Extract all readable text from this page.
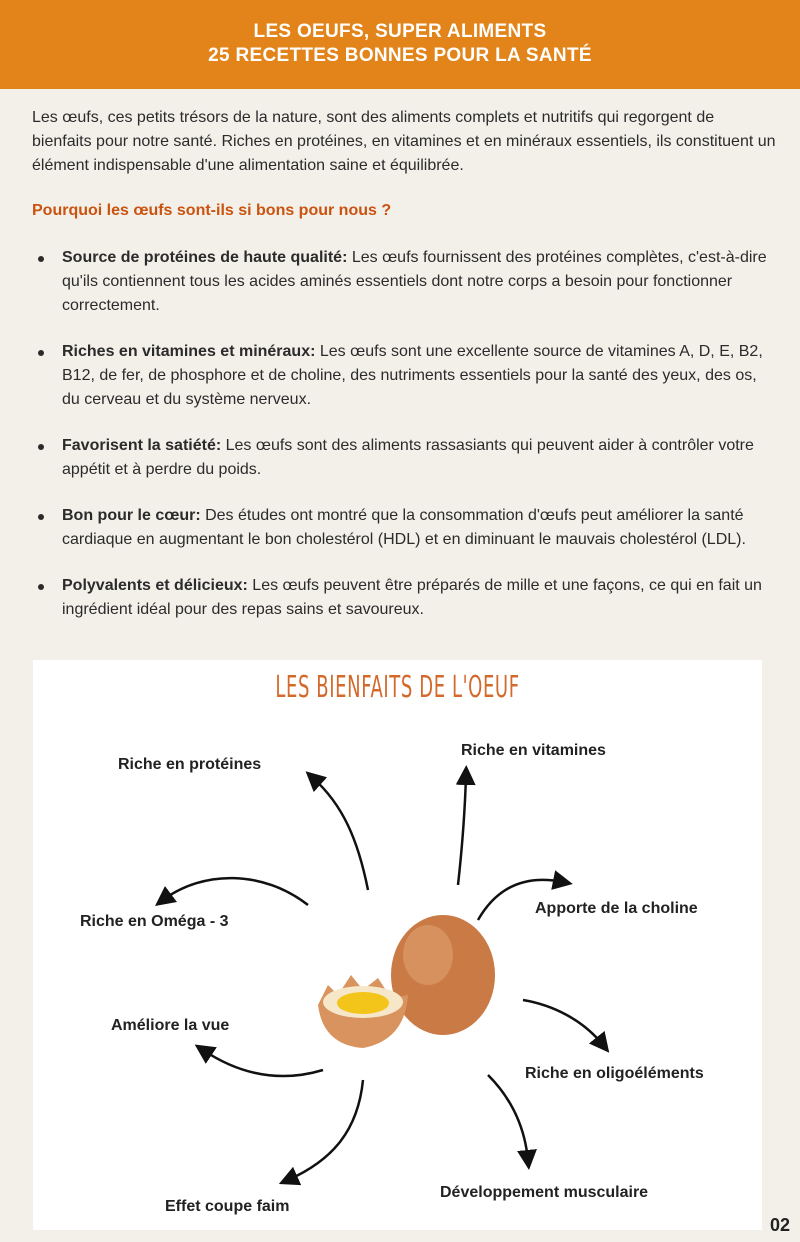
LES OEUFS, SUPER ALIMENTS
25 RECETTES BONNES POUR LA SANTÉ

Les œufs, ces petits trésors de la nature, sont des aliments complets et nutritifs qui regorgent de bienfaits pour notre santé. Riches en protéines, en vitamines et en minéraux essentiels, ils constituent un élément indispensable d'une alimentation saine et équilibrée.

Pourquoi les œufs sont-ils si bons pour nous ?
Source de protéines de haute qualité: Les œufs fournissent des protéines complètes, c'est-à-dire qu'ils contiennent tous les acides aminés essentiels dont notre corps a besoin pour fonctionner correctement.
Riches en vitamines et minéraux: Les œufs sont une excellente source de vitamines A, D, E, B2, B12, de fer, de phosphore et de choline, des nutriments essentiels pour la santé des yeux, des os, du cerveau et du système nerveux.
Favorisent la satiété: Les œufs sont des aliments rassasiants qui peuvent aider à contrôler votre appétit et à perdre du poids.
Bon pour le cœur: Des études ont montré que la consommation d'œufs peut améliorer la santé cardiaque en augmentant le bon cholestérol (HDL) et en diminuant le mauvais cholestérol (LDL).
Polyvalents et délicieux: Les œufs peuvent être préparés de mille et une façons, ce qui en fait un ingrédient idéal pour des repas sains et savoureux.
LES BIENFAITS DE L'OEUF
Riche en protéines
Riche en vitamines
Riche en Oméga - 3
Apporte de la choline
Améliore la vue
Riche en oligoéléments
Effet coupe faim
Développement musculaire
02
